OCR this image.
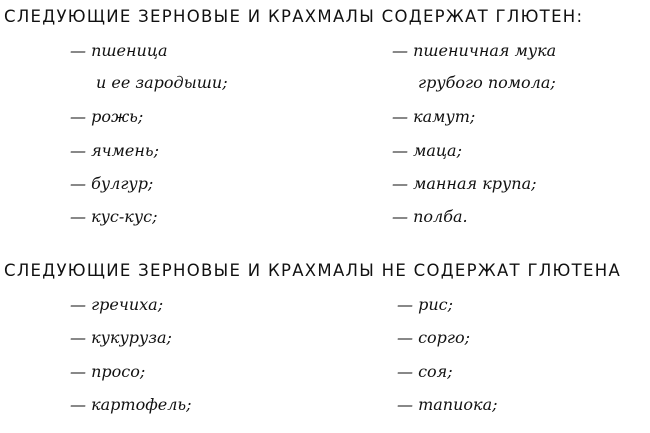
СЛЕДУЮЩИЕ ЗЕРНОВЫЕ И КРАХМАЛЫ СОДЕРЖАТ ГЛЮТЕН:
— пшеница
и ее зародыши;
— рожь;
— ячмень;
— булгур;
— кус-кус;
— пшеничная мука
грубого помола;
— камут;
— маца;
— манная крупа;
— полба.
СЛЕДУЮЩИЕ ЗЕРНОВЫЕ И КРАХМАЛЫ НЕ СОДЕРЖАТ ГЛЮТЕНА
— гречиха;
— кукуруза;
— просо;
— картофель;
— рис;
— сорго;
— соя;
— тапиока;
